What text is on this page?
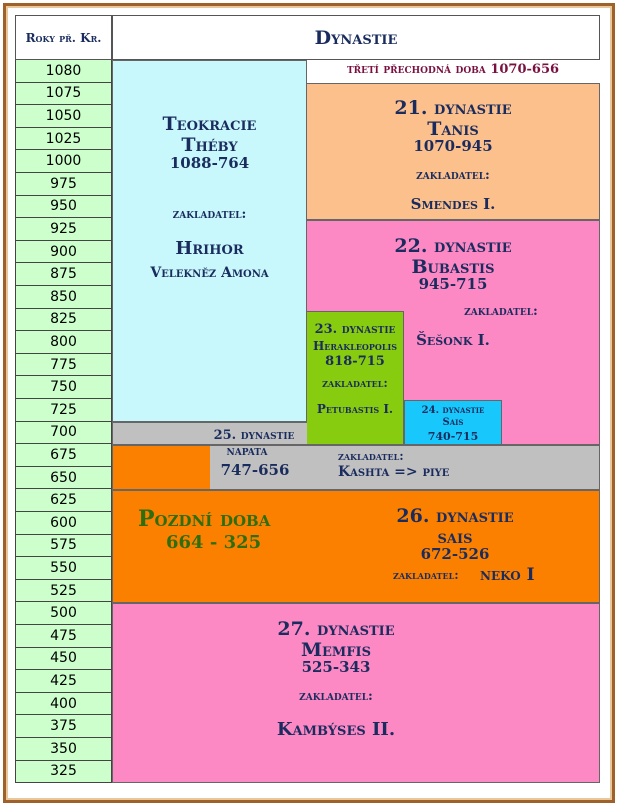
Roky př. Kr.	Dynastie
1080
1075
1050
1025
1000
975
950
925
900
875
850
825
800
775
750
725
700
675
650
625
600
575
550
525
500
475
450
425
400
375
350
325
třetí přechodná doba 1070-656
Teokracie
Théby
1088-764
zakladatel:
Hrihor
Velekněz Amona
21. dynastie
Tanis
1070-945
zakladatel:
Smendes I.
22. dynastie
Bubastis
945-715
zakladatel:
Šešonk I.
23. dynastie
Herakleopolis
818-715
zakladatel:
Petubastis I.	24. dynastie
Sais
740-715
25. dynastie
napata
747-656
zakladatel:
Kashta => piye
Pozdní doba
664 - 325
26. dynastie
sais
672-526
zakladatel:	neko I
27. dynastie
Memfis
525-343
zakladatel:
Kambýses II.
